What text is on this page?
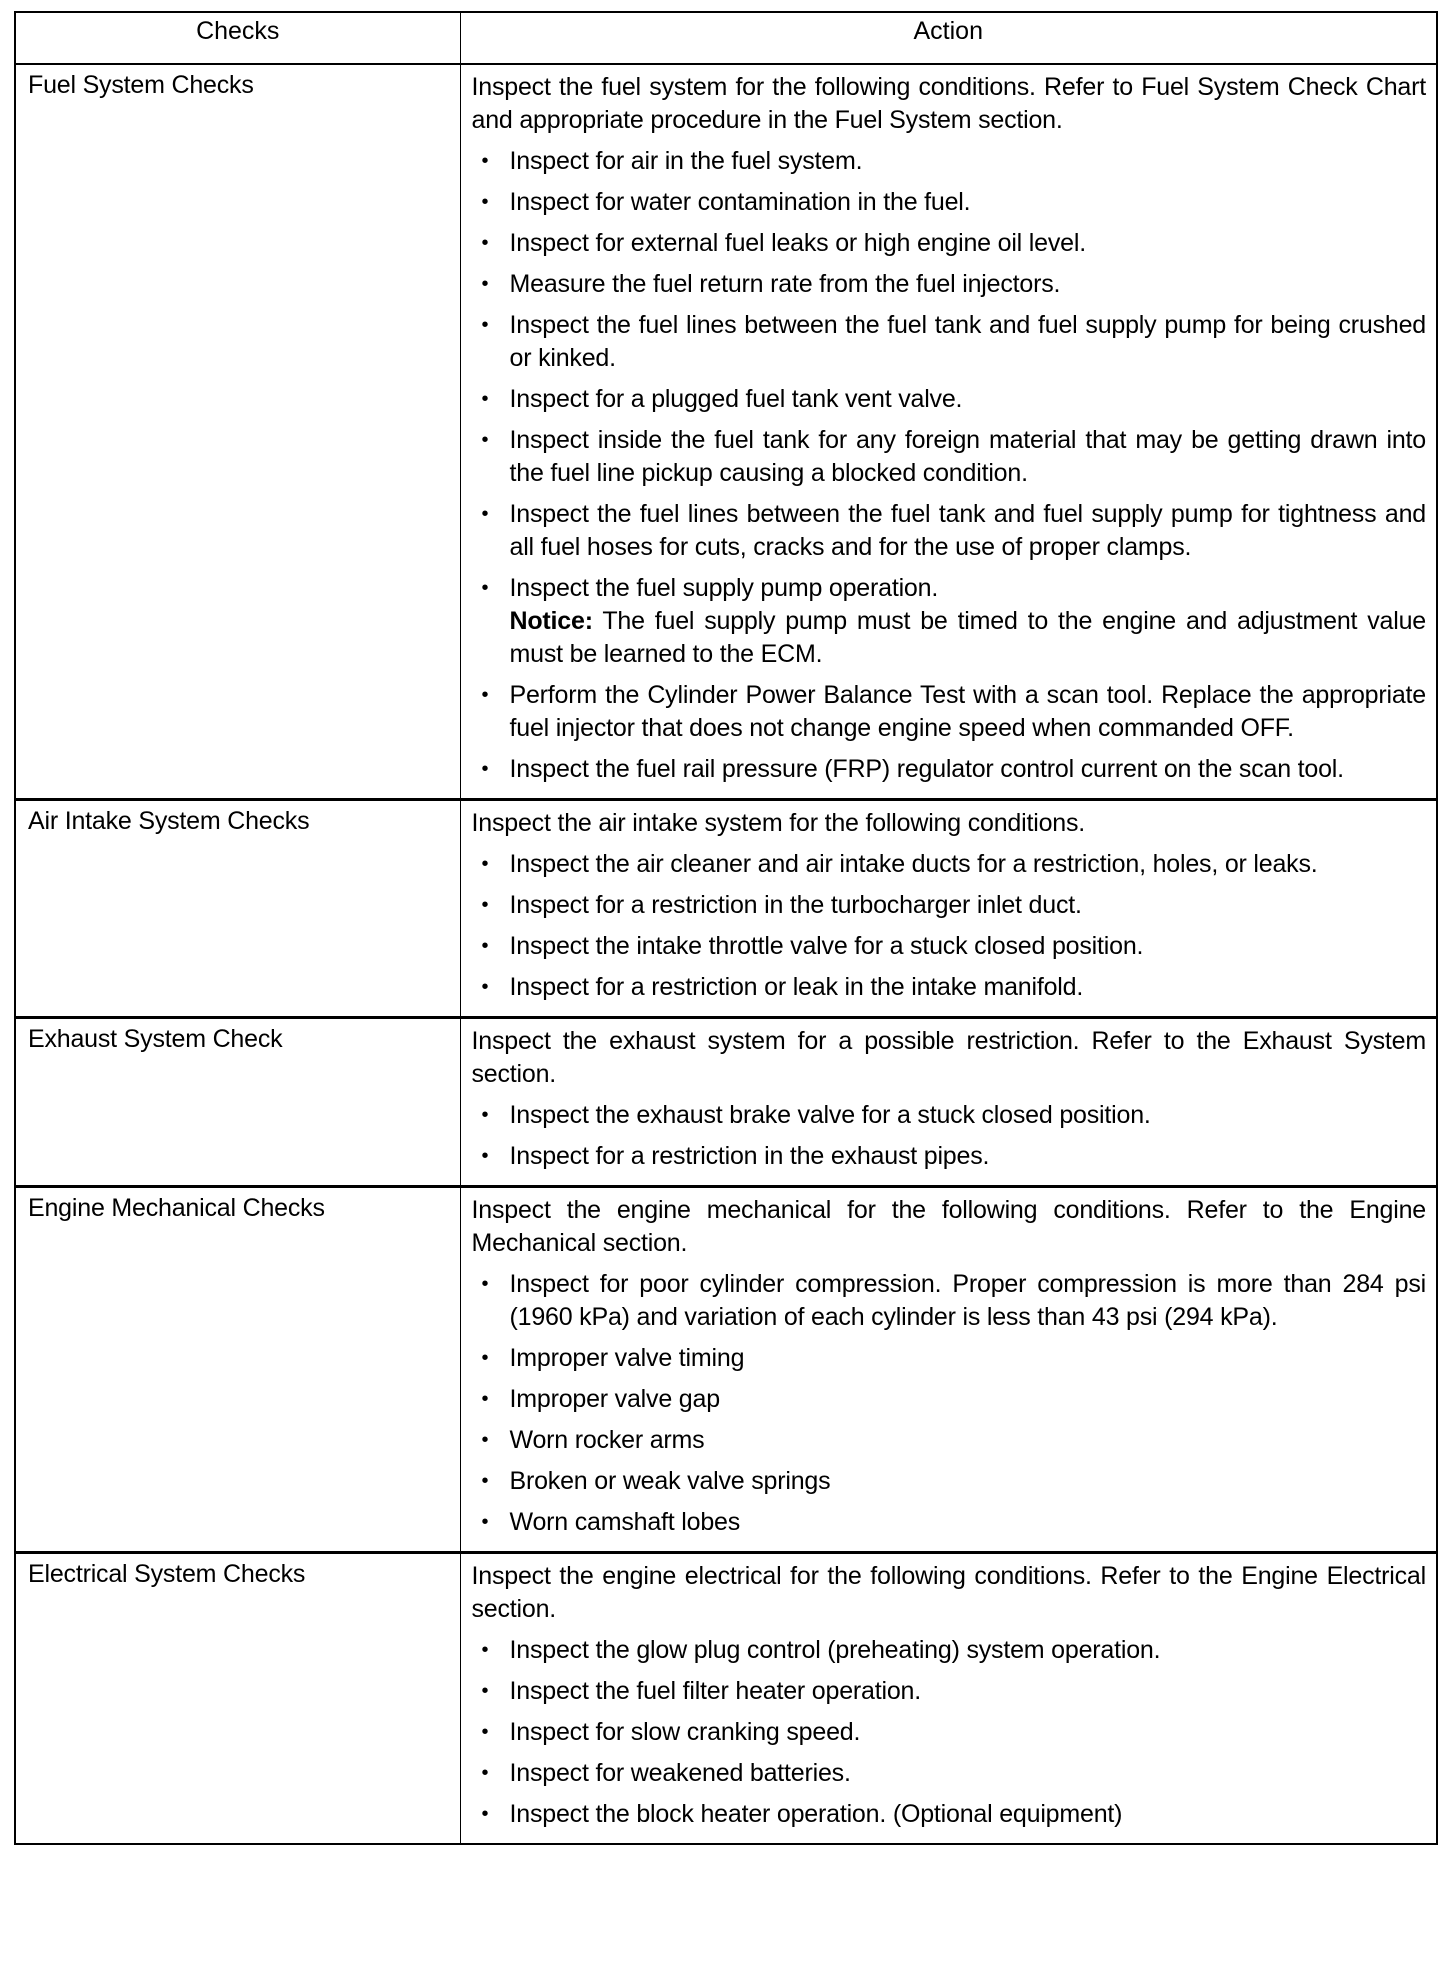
Checks	Action
Fuel System Checks	Inspect the fuel system for the following conditions. Refer to Fuel System Check Chart and appropriate procedure in the Fuel System section.
• Inspect for air in the fuel system.
• Inspect for water contamination in the fuel.
• Inspect for external fuel leaks or high engine oil level.
• Measure the fuel return rate from the fuel injectors.
• Inspect the fuel lines between the fuel tank and fuel supply pump for being crushed or kinked.
• Inspect for a plugged fuel tank vent valve.
• Inspect inside the fuel tank for any foreign material that may be getting drawn into the fuel line pickup causing a blocked condition.
• Inspect the fuel lines between the fuel tank and fuel supply pump for tightness and all fuel hoses for cuts, cracks and for the use of proper clamps.
• Inspect the fuel supply pump operation.
Notice: The fuel supply pump must be timed to the engine and adjustment value must be learned to the ECM.
• Perform the Cylinder Power Balance Test with a scan tool. Replace the appropriate fuel injector that does not change engine speed when commanded OFF.
• Inspect the fuel rail pressure (FRP) regulator control current on the scan tool.

Air Intake System Checks	Inspect the air intake system for the following conditions.
• Inspect the air cleaner and air intake ducts for a restriction, holes, or leaks.
• Inspect for a restriction in the turbocharger inlet duct.
• Inspect the intake throttle valve for a stuck closed position.
• Inspect for a restriction or leak in the intake manifold.

Exhaust System Check	Inspect the exhaust system for a possible restriction. Refer to the Exhaust System section.
• Inspect the exhaust brake valve for a stuck closed position.
• Inspect for a restriction in the exhaust pipes.

Engine Mechanical Checks	Inspect the engine mechanical for the following conditions. Refer to the Engine Mechanical section.
• Inspect for poor cylinder compression. Proper compression is more than 284 psi (1960 kPa) and variation of each cylinder is less than 43 psi (294 kPa).
• Improper valve timing
• Improper valve gap
• Worn rocker arms
• Broken or weak valve springs
• Worn camshaft lobes

Electrical System Checks	Inspect the engine electrical for the following conditions. Refer to the Engine Electrical section.
• Inspect the glow plug control (preheating) system operation.
• Inspect the fuel filter heater operation.
• Inspect for slow cranking speed.
• Inspect for weakened batteries.
• Inspect the block heater operation. (Optional equipment)
